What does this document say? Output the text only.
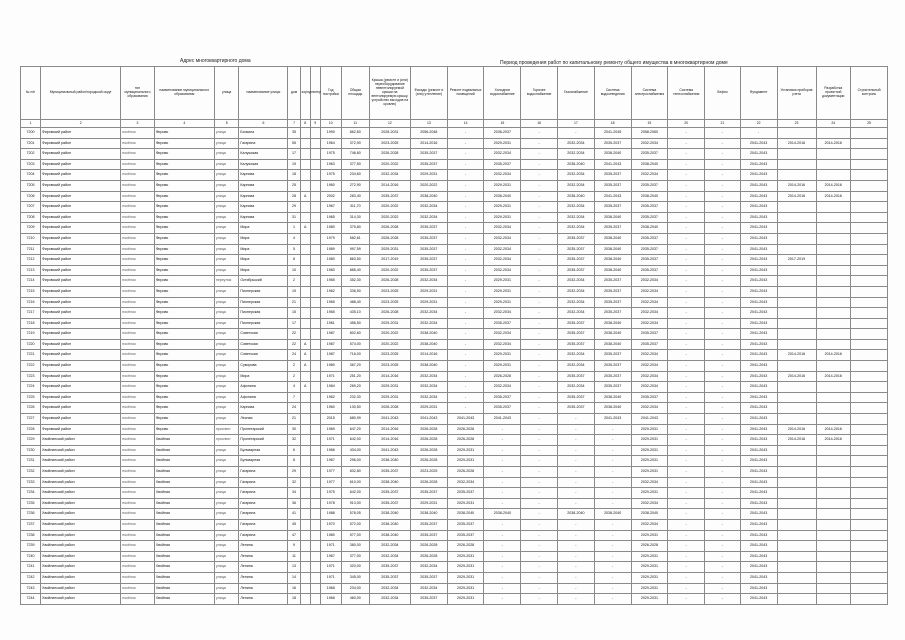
Адрес многоквартирного дома	Период проведения работ по капитальному ремонту общего имущества в многоквартирном доме
№ п/п	Муниципальный район/городской округ	тип муниципального образования	наименование муниципального образования	улица	наименование улицы	дом	корпус	литер	Год постройки	Общая площадь	Крыша (ремонт и (или) переоборудование невентилируемой крыши на вентилируемую крышу, устройство выходов на кровлю)	Фасады (ремонт и (или) утепление)	Ремонт подвальных помещений	Холодное водоснабжение	Горячее водоснабжение	Газоснабжение	Система водоотведения	Система электроснабжения	Система теплоснабжения	Лифты	Фундамент	Установка приборов учета	Разработка проектной документации	Строительный контроль
1	2	3	4	5	6	7	8	9	10	11	12	13	14	15	16	17	18	19	20	21	22	23	24	25
7200	Фировский район	посёлок	Фирово	улица	Бочкина	35			1990	862,60	2028-2031	2056-2048	-	2036-2037	-	-	2041-2045	2058-2060	-	-	-			
7201	Фировский район	посёлок	Фирово	улица	Гагарина	55			1964	372,90	2023-2025	2014-2016	-	2029-2031	-	2032-2034	2035-2037	2032-2034	-	-	2041-2043	2014-2016	2014-2016	
7202	Фировский район	посёлок	Фирово	улица	Калужская	17			1975	746,60	2026-2028	2035-2037	-	2032-2034	-	2032-2034	2038-2040	2035-2037	-	-	2041-2043			
7203	Фировский район	посёлок	Фирово	улица	Калужская	19			1963	377,50	2020-2022	2035-2037	-	2035-2037	-	2038-2040	2041-2043	2038-2040	-	-	2041-2043			
7204	Фировский район	посёлок	Фирово	улица	Карпова	18			1975	234,60	2032-2034	2029-2031	-	2032-2034	-	2032-2034	2035-2037	2032-2034	-	-	2041-2043			
7205	Фировский район	посёлок	Фирово	улица	Карпова	25			1960	272,90	2014-2016	2020-2022	-	2029-2031	-	2032-2034	2035-2037	2035-2037	-	-	2041-2043	2014-2016	2014-2016	
7206	Фировский район	посёлок	Фирово	улица	Карпова	28	А		2002	283,40	2035-2037	2038-2040	-	2038-2040	-	2038-2040	2041-2043	2038-2040	-	-	2041-2043	2014-2016	2014-2016	
7207	Фировский район	посёлок	Фирово	улица	Карпова	29			1967	311,70	2020-2022	2032-2034	-	2029-2031	-	2032-2034	2035-2037	2035-2037	-	-	2041-2043			
7208	Фировский район	посёлок	Фирово	улица	Карпова	31			1965	314,30	2020-2022	2032-2034	-	2029-2031	-	2032-2034	2038-2040	2035-2037	-	-	2041-2043			
7209	Фировский район	посёлок	Фирово	улица	Мира	1	А		1980	375,80	2026-2028	2035-2037	-	2032-2034	-	2032-2034	2035-2037	2038-2040	-	-	2041-2043			
7210	Фировский район	посёлок	Фирово	улица	Мира	4			1979	582,61	2026-2028	2035-2037	-	2032-2034	-	2035-2037	2038-2040	2035-2037	-	-	2041-2043			
7211	Фировский район	посёлок	Фирово	улица	Мира	5			1989	997,59	2029-2031	2035-2037	-	2032-2034	-	2035-2037	2038-2040	2035-2037	-	-	2041-2043			
7212	Фировский район	посёлок	Фирово	улица	Мира	8			1980	863,50	2017-2019	2035-2037	-	2032-2034	-	2035-2037	2038-2040	2035-2037	-	-	2041-2043	2017-2019		
7213	Фировский район	посёлок	Фирово	улица	Мира	10			1983	885,40	2020-2022	2035-2037	-	2032-2034	-	2035-2037	2038-2040	2035-2037	-	-	2041-2043			
7214	Фировский район	посёлок	Фирово	переулок	Октябрьский	2			1965	352,30	2026-2028	2032-2034	-	2029-2031	-	2032-2034	2035-2037	2032-2034	-	-	2041-2043			
7215	Фировский район	посёлок	Фирово	улица	Пионерская	19			1962	336,50	2023-2025	2029-2031	-	2029-2031	-	2032-2034	2035-2037	2032-2034	-	-	2041-2043			
7216	Фировский район	посёлок	Фирово	улица	Пионерская	21			1965	488,40	2023-2025	2029-2031	-	2029-2031	-	2032-2034	2035-2037	2032-2034	-	-	2041-2043			
7217	Фировский район	посёлок	Фирово	улица	Пионерская	15			1965	435,10	2026-2028	2032-2034	-	2032-2034	-	2032-2034	2035-2037	2032-2034	-	-	2041-2043			
7218	Фировский район	посёлок	Фирово	улица	Пионерская	17			1961	456,50	2029-2031	2032-2034	-	2035-2037	-	2035-2037	2038-2040	2032-2034	-	-	2041-2043			
7219	Фировский район	посёлок	Фирово	улица	Советская	22			1987	802,60	2020-2022	2038-2040	-	2032-2034	-	2035-2037	2038-2040	2035-2037	-	-	2041-2043			
7220	Фировский район	посёлок	Фирово	улица	Советская	22	А		1987	574,00	2020-2022	2038-2040	-	2032-2034	-	2035-2037	2038-2040	2035-2037	-	-	2041-2043			
7221	Фировский район	посёлок	Фирово	улица	Советская	24	А		1987	716,00	2023-2025	2014-2016	-	2029-2031	-	2032-2034	2035-2037	2032-2034	-	-	2041-2043	2014-2016	2014-2016	
7222	Фировский район	посёлок	Фирово	улица	Суворова	2	А		1980	367,20	2023-2025	2038-2040	-	2029-2031	-	2032-2034	2035-2037	2032-2034	-	-	2041-2043			
7223	Фировский район	посёлок	Фирово	улица	Мира	2			1971	251,20	2014-2016	2032-2034	-	2026-2028	-	2035-2037	2035-2037	2032-2034	-	-	2041-2043	2014-2016	2014-2016	
7224	Фировский район	посёлок	Фирово	улица	Афонина	4	А		1984	269,20	2029-2031	2032-2034	-	2032-2034	-	2032-2034	2035-2037	2032-2034	-	-	2041-2043			
7225	Фировский район	посёлок	Фирово	улица	Афонина	7			1962	232,30	2029-2031	2032-2034	-	2035-2037	-	2035-2037	2038-2040	2035-2037	-	-	2041-2043			
7226	Фировский район	посёлок	Фирово	улица	Карпова	24			1960	130,50	2026-2028	2029-2031	-	2035-2037	-	2035-2037	2038-2040	2032-2034	-	-	2041-2043			
7227	Фировский район	посёлок	Фирово	улица	Лесная	21			2015	680,99	2041-2043	2041-2043	2041-2043	2041-2043	-	-	2041-2043	2041-2043	-	-	2041-2043			
7228	Фировский район	посёлок	Фирово	проспект	Пролетарский	30			1969	647,20	2014-2016	2026-2028	2026-2028	-	-	-	-	2029-2031	-	-	2041-2043	2014-2016	2014-2016	
7229	Хвойнинский район	посёлок	Хвойная	проспект	Пролетарский	32			1971	642,00	2014-2016	2026-2028	2026-2028	-	-	-	-	2029-2031	-	-	2041-2043	2014-2016	2014-2016	
7230	Хвойнинский район	посёлок	Хвойная	улица	Бульварная	6			1966	434,00	2041-2043	2026-2028	2029-2031	-	-	-	-	2029-2031	-	-	2041-2043			
7231	Хвойнинский район	посёлок	Хвойная	улица	Бульварная	8			1967	296,00	2038-2040	2026-2028	2029-2031	-	-	-	-	2029-2031	-	-	2041-2043			
7232	Хвойнинский район	посёлок	Хвойная	улица	Гагарина	29			1977	832,80	2035-2037	2023-2025	2026-2028	-	-	-	-	2029-2031	-	-	2041-2043			
7233	Хвойнинский район	посёлок	Хвойная	улица	Гагарина	32			1977	610,00	2038-2040	2026-2028	2032-2034	-	-	-	-	2032-2034	-	-	2041-2043			
7234	Хвойнинский район	посёлок	Хвойная	улица	Гагарина	34			1975	642,00	2035-2037	2035-2037	2035-2037	-	-	-	-	2029-2031	-	-	2041-2043			
7235	Хвойнинский район	посёлок	Хвойная	улица	Гагарина	36			1978	913,00	2035-2037	2029-2031	2029-2031	-	-	-	-	2032-2034	-	-	2041-2043			
7236	Хвойнинский район	посёлок	Хвойная	улица	Гагарина	41			1988	578,05	2038-2040	2038-2040	2038-2040	2038-2040	-	2038-2040	2038-2040	2038-2040	-	-	2041-2043			
7237	Хвойнинский район	посёлок	Хвойная	улица	Гагарина	45			1970	572,00	2038-2040	2035-2037	2035-2037	-	-	-	-	2032-2034	-	-	2041-2043			
7238	Хвойнинский район	посёлок	Хвойная	улица	Гагарина	47			1980	577,00	2038-2040	2035-2037	2035-2037	-	-	-	-	2029-2031	-	-	2041-2043			
7239	Хвойнинский район	посёлок	Хвойная	улица	Ленина	9			1971	380,00	2032-2034	2026-2028	2026-2028	-	-	-	-	2026-2028	-	-	2041-2043			
7240	Хвойнинский район	посёлок	Хвойная	улица	Ленина	11			1967	377,00	2032-2034	2026-2028	2029-2031	-	-	-	-	2029-2031	-	-	2041-2043			
7241	Хвойнинский район	посёлок	Хвойная	улица	Ленина	13			1971	320,00	2035-2037	2032-2034	2029-2031	-	-	-	-	2029-2031	-	-	2041-2043			
7242	Хвойнинский район	посёлок	Хвойная	улица	Ленина	14			1971	345,00	2035-2037	2035-2037	2029-2031	-	-	-	-	2029-2031	-	-	2041-2043			
7243	Хвойнинский район	посёлок	Хвойная	улица	Ленина	16			1968	234,00	2032-2034	2032-2034	2029-2031	-	-	-	-	2029-2031	-	-	2041-2043			
7244	Хвойнинский район	посёлок	Хвойная	улица	Ленина	18			1968	460,00	2032-2034	2035-2037	2029-2031	-	-	-	-	2029-2031	-	-	2041-2043			
